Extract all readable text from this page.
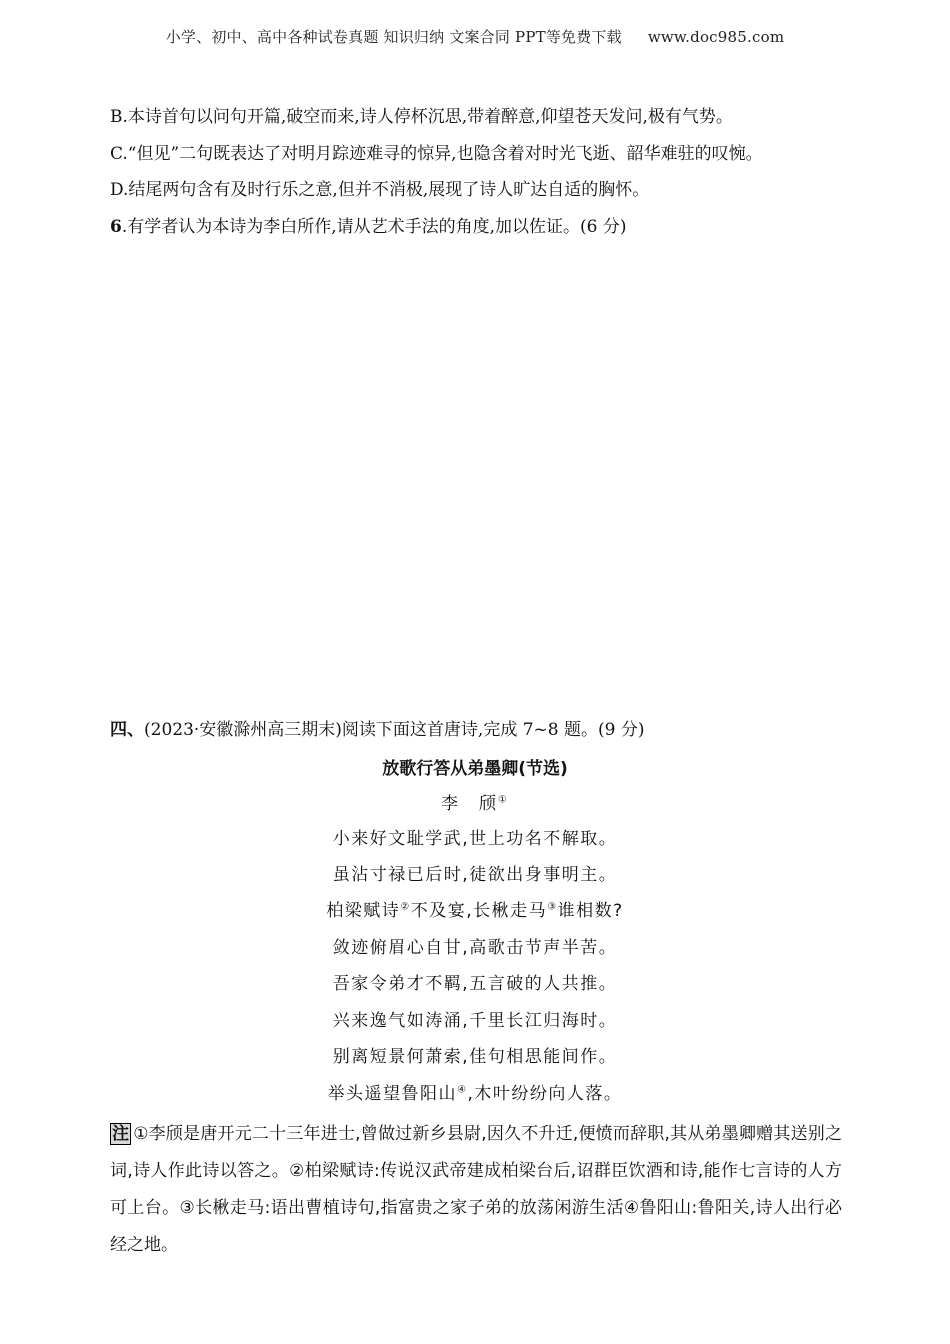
小学、初中、高中各种试卷真题 知识归纳 文案合同 PPT等免费下载 www.doc985.com
B.本诗首句以问句开篇,破空而来,诗人停杯沉思,带着醉意,仰望苍天发问,极有气势。
C.“但见”二句既表达了对明月踪迹难寻的惊异,也隐含着对时光飞逝、韶华难驻的叹惋。
D.结尾两句含有及时行乐之意,但并不消极,展现了诗人旷达自适的胸怀。
6.有学者认为本诗为李白所作,请从艺术手法的角度,加以佐证。(6 分)
四、(2023·安徽滁州高三期末)阅读下面这首唐诗,完成 7~8 题。(9 分)
放歌行答从弟墨卿(节选)
李　颀①
小来好文耻学武,世上功名不解取。
虽沾寸禄已后时,徒欲出身事明主。
柏梁赋诗②不及宴,长楸走马③谁相数?
敛迹俯眉心自甘,高歌击节声半苦。
吾家令弟才不羁,五言破的人共推。
兴来逸气如涛涌,千里长江归海时。
别离短景何萧索,佳句相思能间作。
举头遥望鲁阳山④,木叶纷纷向人落。
注 ①李颀是唐开元二十三年进士,曾做过新乡县尉,因久不升迁,便愤而辞职,其从弟墨卿赠其送别之词,诗人作此诗以答之。②柏梁赋诗:传说汉武帝建成柏梁台后,诏群臣饮酒和诗,能作七言诗的人方可上台。③长楸走马:语出曹植诗句,指富贵之家子弟的放荡闲游生活④鲁阳山:鲁阳关,诗人出行必经之地。
